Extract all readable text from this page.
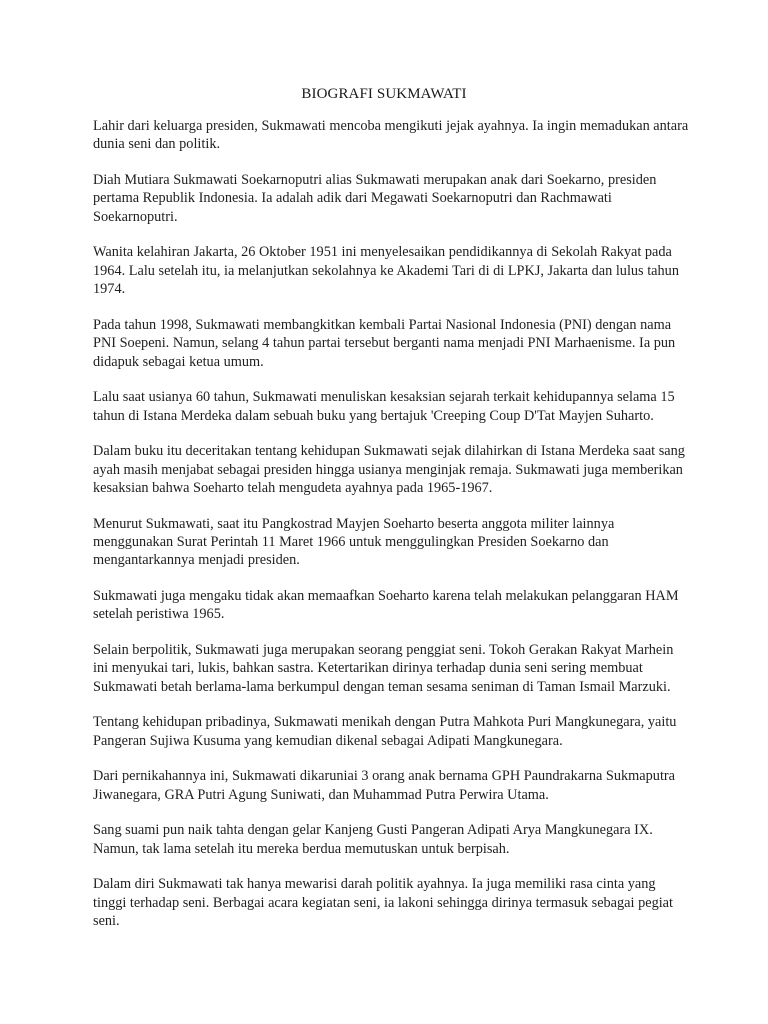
BIOGRAFI SUKMAWATI

Lahir dari keluarga presiden, Sukmawati mencoba mengikuti jejak ayahnya. Ia ingin memadukan antara dunia seni dan politik.

Diah Mutiara Sukmawati Soekarnoputri alias Sukmawati merupakan anak dari Soekarno, presiden pertama Republik Indonesia. Ia adalah adik dari Megawati Soekarnoputri dan Rachmawati Soekarnoputri.

Wanita kelahiran Jakarta, 26 Oktober 1951 ini menyelesaikan pendidikannya di Sekolah Rakyat pada 1964. Lalu setelah itu, ia melanjutkan sekolahnya ke Akademi Tari di di LPKJ, Jakarta dan lulus tahun 1974.

Pada tahun 1998, Sukmawati membangkitkan kembali Partai Nasional Indonesia (PNI) dengan nama PNI Soepeni. Namun, selang 4 tahun partai tersebut berganti nama menjadi PNI Marhaenisme. Ia pun didapuk sebagai ketua umum.

Lalu saat usianya 60 tahun, Sukmawati menuliskan kesaksian sejarah terkait kehidupannya selama 15 tahun di Istana Merdeka dalam sebuah buku yang bertajuk 'Creeping Coup D'Tat Mayjen Suharto.

Dalam buku itu deceritakan tentang kehidupan Sukmawati sejak dilahirkan di Istana Merdeka saat sang ayah masih menjabat sebagai presiden hingga usianya menginjak remaja. Sukmawati juga memberikan kesaksian bahwa Soeharto telah mengudeta ayahnya pada 1965-1967.

Menurut Sukmawati, saat itu Pangkostrad Mayjen Soeharto beserta anggota militer lainnya menggunakan Surat Perintah 11 Maret 1966 untuk menggulingkan Presiden Soekarno dan mengantarkannya menjadi presiden.

Sukmawati juga mengaku tidak akan memaafkan Soeharto karena telah melakukan pelanggaran HAM setelah peristiwa 1965.

Selain berpolitik, Sukmawati juga merupakan seorang penggiat seni. Tokoh Gerakan Rakyat Marhein ini menyukai tari, lukis, bahkan sastra. Ketertarikan dirinya terhadap dunia seni sering membuat Sukmawati betah berlama-lama berkumpul dengan teman sesama seniman di Taman Ismail Marzuki.

Tentang kehidupan pribadinya, Sukmawati menikah dengan Putra Mahkota Puri Mangkunegara, yaitu Pangeran Sujiwa Kusuma yang kemudian dikenal sebagai Adipati Mangkunegara.

Dari pernikahannya ini, Sukmawati dikaruniai 3 orang anak bernama GPH Paundrakarna Sukmaputra Jiwanegara, GRA Putri Agung Suniwati, dan Muhammad Putra Perwira Utama.

Sang suami pun naik tahta dengan gelar Kanjeng Gusti Pangeran Adipati Arya Mangkunegara IX. Namun, tak lama setelah itu mereka berdua memutuskan untuk berpisah.

Dalam diri Sukmawati tak hanya mewarisi darah politik ayahnya. Ia juga memiliki rasa cinta yang tinggi terhadap seni. Berbagai acara kegiatan seni, ia lakoni sehingga dirinya termasuk sebagai pegiat seni.
